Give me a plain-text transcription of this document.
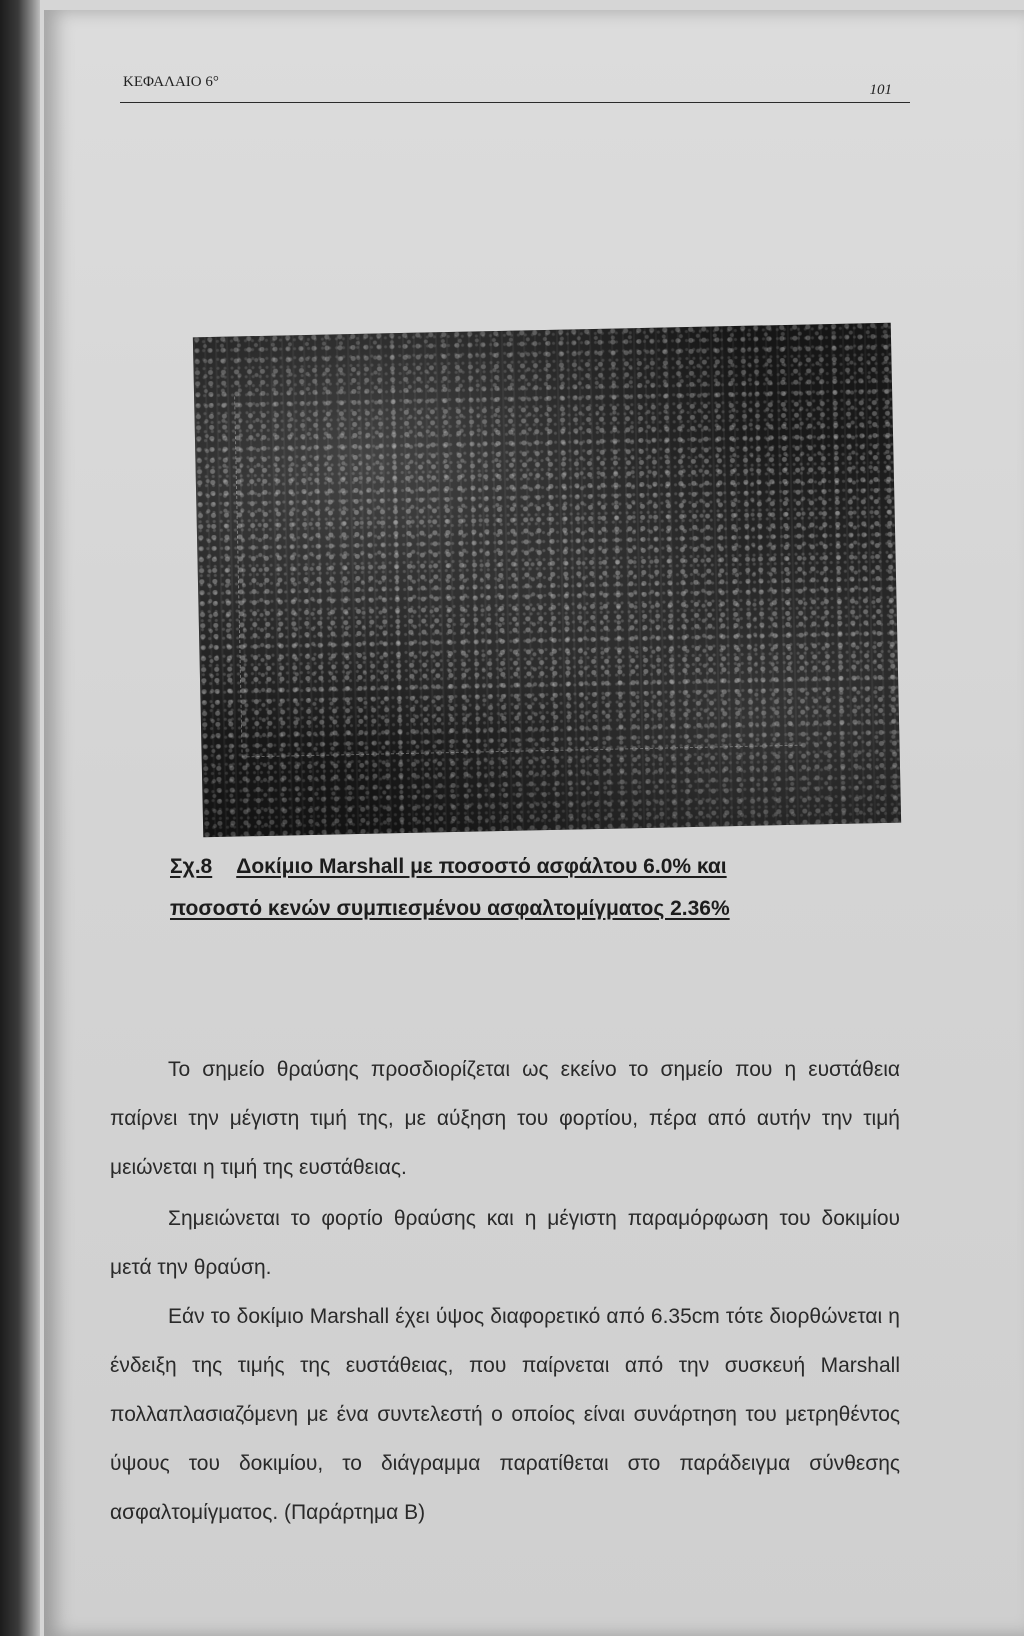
ΚΕΦΑΛΑΙΟ 6°	101
Σχ.8 Δοκίμιο Marshall με ποσοστό ασφάλτου 6.0% και
ποσοστό κενών συμπιεσμένου ασφαλτομίγματος 2.36%

Το σημείο θραύσης προσδιορίζεται ως εκείνο το σημείο που η ευστάθεια παίρνει την μέγιστη τιμή της, με αύξηση του φορτίου, πέρα από αυτήν την τιμή μειώνεται η τιμή της ευστάθειας.

Σημειώνεται το φορτίο θραύσης και η μέγιστη παραμόρφωση του δοκιμίου μετά την θραύση.

Εάν το δοκίμιο Marshall έχει ύψος διαφορετικό από 6.35cm τότε διορθώνεται η ένδειξη της τιμής της ευστάθειας, που παίρνεται από την συσκευή Marshall πολλαπλασιαζόμενη με ένα συντελεστή ο οποίος είναι συνάρτηση του μετρηθέντος ύψους του δοκιμίου, το διάγραμμα παρατίθεται στο παράδειγμα σύνθεσης ασφαλτομίγματος. (Παράρτημα Β)
